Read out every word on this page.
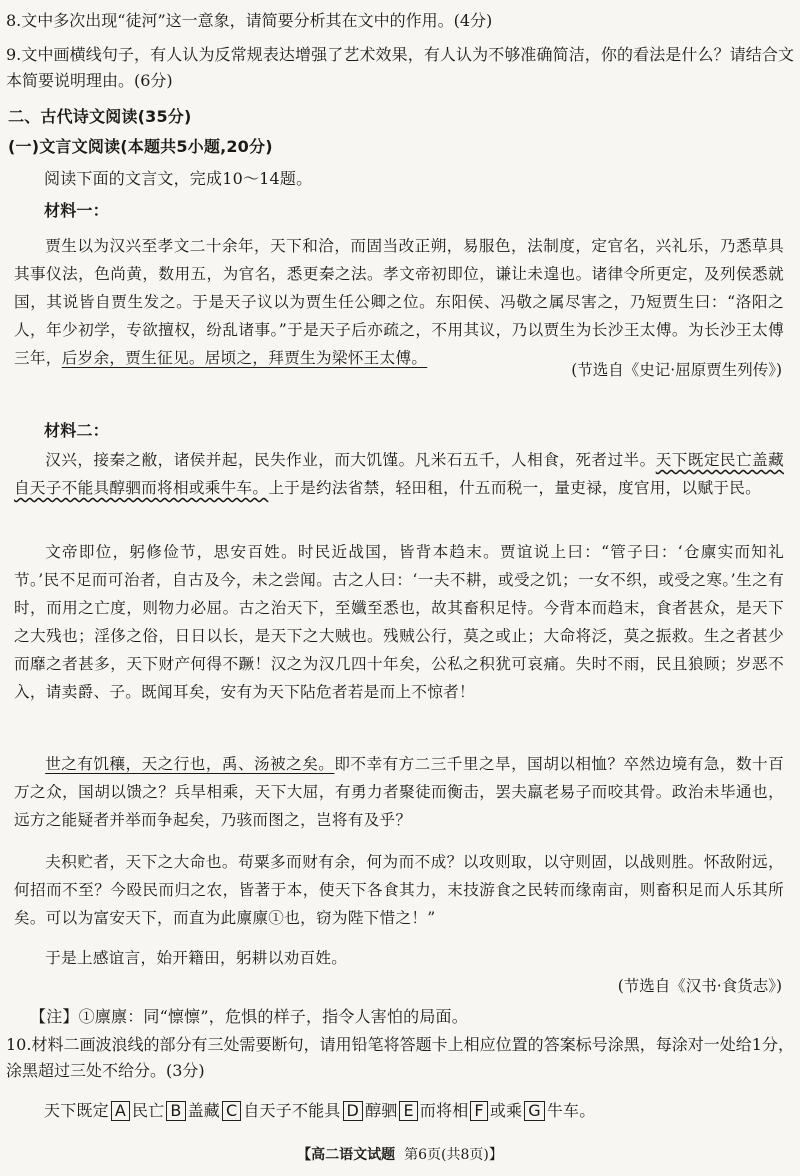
8.文中多次出现“徒河”这一意象，请简要分析其在文中的作用。(4分)
9.文中画横线句子，有人认为反常规表达增强了艺术效果，有人认为不够准确简洁，你的看法是什么？请结合文本简要说明理由。(6分)
二、古代诗文阅读(35分)
(一)文言文阅读(本题共5小题,20分)
阅读下面的文言文，完成10～14题。
材料一：
贾生以为汉兴至孝文二十余年，天下和洽，而固当改正朔，易服色，法制度，定官名，兴礼乐，乃悉草具其事仪法，色尚黄，数用五，为官名，悉更秦之法。孝文帝初即位，谦让未遑也。诸律令所更定，及列侯悉就国，其说皆自贾生发之。于是天子议以为贾生任公卿之位。东阳侯、冯敬之属尽害之，乃短贾生曰：“洛阳之人，年少初学，专欲擅权，纷乱诸事。”于是天子后亦疏之，不用其议，乃以贾生为长沙王太傅。为长沙王太傅三年，后岁余，贾生征见。居顷之，拜贾生为梁怀王太傅。
(节选自《史记·屈原贾生列传》)
材料二：
汉兴，接秦之敝，诸侯并起，民失作业，而大饥馑。凡米石五千，人相食，死者过半。天下既定民亡盖藏自天子不能具醇驷而将相或乘牛车。上于是约法省禁，轻田租，什五而税一，量吏禄，度官用，以赋于民。
文帝即位，躬修俭节，思安百姓。时民近战国，皆背本趋末。贾谊说上曰：“管子曰：‘仓廪实而知礼节。’民不足而可治者，自古及今，未之尝闻。古之人曰：‘一夫不耕，或受之饥；一女不织，或受之寒。’生之有时，而用之亡度，则物力必屈。古之治天下，至孅至悉也，故其畜积足恃。今背本而趋末，食者甚众，是天下之大残也；淫侈之俗，日日以长，是天下之大贼也。残贼公行，莫之或止；大命将泛，莫之振救。生之者甚少而靡之者甚多，天下财产何得不蹶！汉之为汉几四十年矣，公私之积犹可哀痛。失时不雨，民且狼顾；岁恶不入，请卖爵、子。既闻耳矣，安有为天下阽危者若是而上不惊者！
世之有饥穰，天之行也，禹、汤被之矣。即不幸有方二三千里之旱，国胡以相恤？卒然边境有急，数十百万之众，国胡以馈之？兵旱相乘，天下大屈，有勇力者聚徒而衡击，罢夫羸老易子而咬其骨。政治未毕通也，远方之能疑者并举而争起矣，乃骇而图之，岂将有及乎？
夫积贮者，天下之大命也。苟粟多而财有余，何为而不成？以攻则取，以守则固，以战则胜。怀敌附远，何招而不至？今殴民而归之农，皆著于本，使天下各食其力，末技游食之民转而缘南亩，则畜积足而人乐其所矣。可以为富安天下，而直为此廪廪①也，窃为陛下惜之！”
于是上感谊言，始开籍田，躬耕以劝百姓。
(节选自《汉书·食货志》)
【注】①廪廪：同“懔懔”，危惧的样子，指令人害怕的局面。
10.材料二画波浪线的部分有三处需要断句，请用铅笔将答题卡上相应位置的答案标号涂黑，每涂对一处给1分，涂黑超过三处不给分。(3分)
天下既定 A 民亡 B 盖藏 C 自天子不能具 D 醇驷 E 而将相 F 或乘 G 牛车。
【高二语文试题 第6页(共8页)】
